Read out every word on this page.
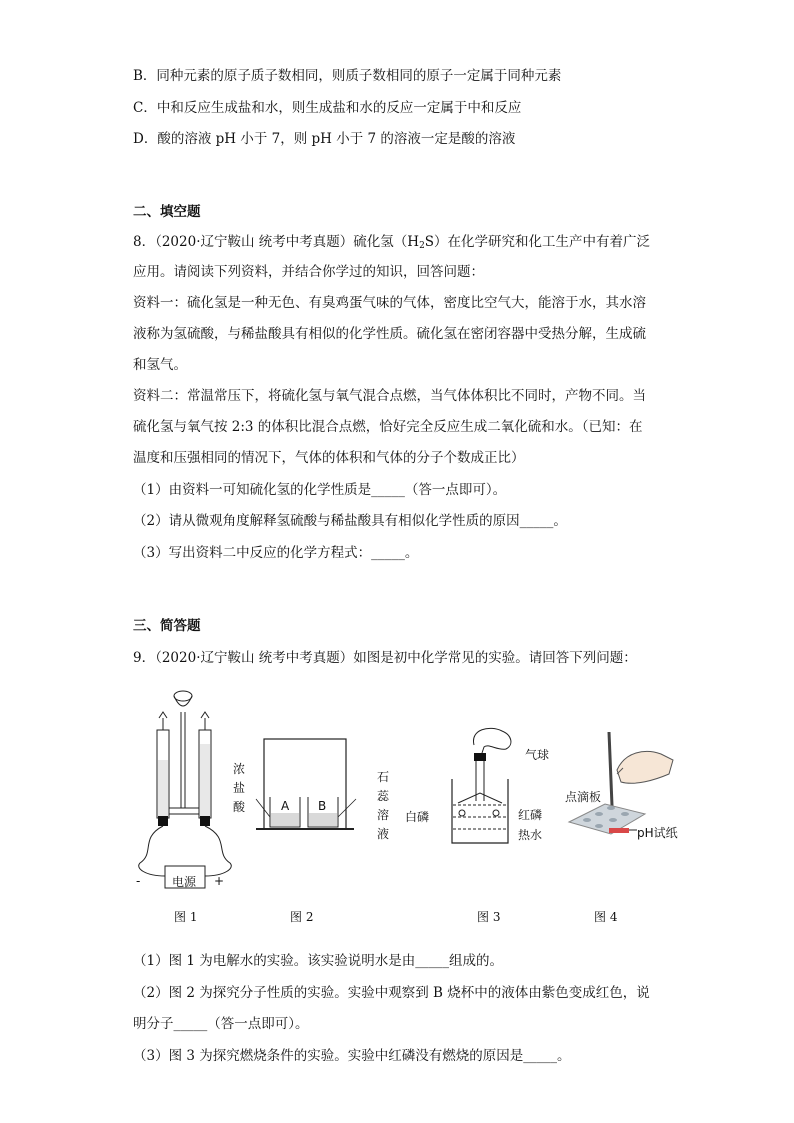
B．同种元素的原子质子数相同，则质子数相同的原子一定属于同种元素
C．中和反应生成盐和水，则生成盐和水的反应一定属于中和反应
D．酸的溶液 pH 小于 7，则 pH 小于 7 的溶液一定是酸的溶液
二、填空题
8．（2020·辽宁鞍山 统考中考真题）硫化氢$(H_2S)$在化学研究和化工生产中有着广泛
应用。请阅读下列资料，并结合你学过的知识，回答问题：
资料一：硫化氢是一种无色、有臭鸡蛋气味的气体，密度比空气大，能溶于水，其水溶
液称为氢硫酸，与稀盐酸具有相似的化学性质。硫化氢在密闭容器中受热分解，生成硫
和氢气。
资料二：常温常压下，将硫化氢与氧气混合点燃，当气体体积比不同时，产物不同。当
硫化氢与氧气按 2:3 的体积比混合点燃，恰好完全反应生成二氧化硫和水。（已知：在
温度和压强相同的情况下，气体的体积和气体的分子个数成正比）
（1）由资料一可知硫化氢的化学性质是_____（答一点即可）。
（2）请从微观角度解释氢硫酸与稀盐酸具有相似化学性质的原因_____。
（3）写出资料二中反应的化学方程式：_____。
三、简答题
9．（2020·辽宁鞍山 统考中考真题）如图是初中化学常见的实验。请回答下列问题：
电源
-	+
图 1
A B
浓
盐
酸
石
蕊
溶
液
图 2
气球
白磷	红磷
热水
图 3
点滴板
pH试纸
图 4
（1）图 1 为电解水的实验。该实验说明水是由_____组成的。
（2）图 2 为探究分子性质的实验。实验中观察到 B 烧杯中的液体由紫色变成红色，说
明分子_____（答一点即可）。
（3）图 3 为探究燃烧条件的实验。实验中红磷没有燃烧的原因是_____。
